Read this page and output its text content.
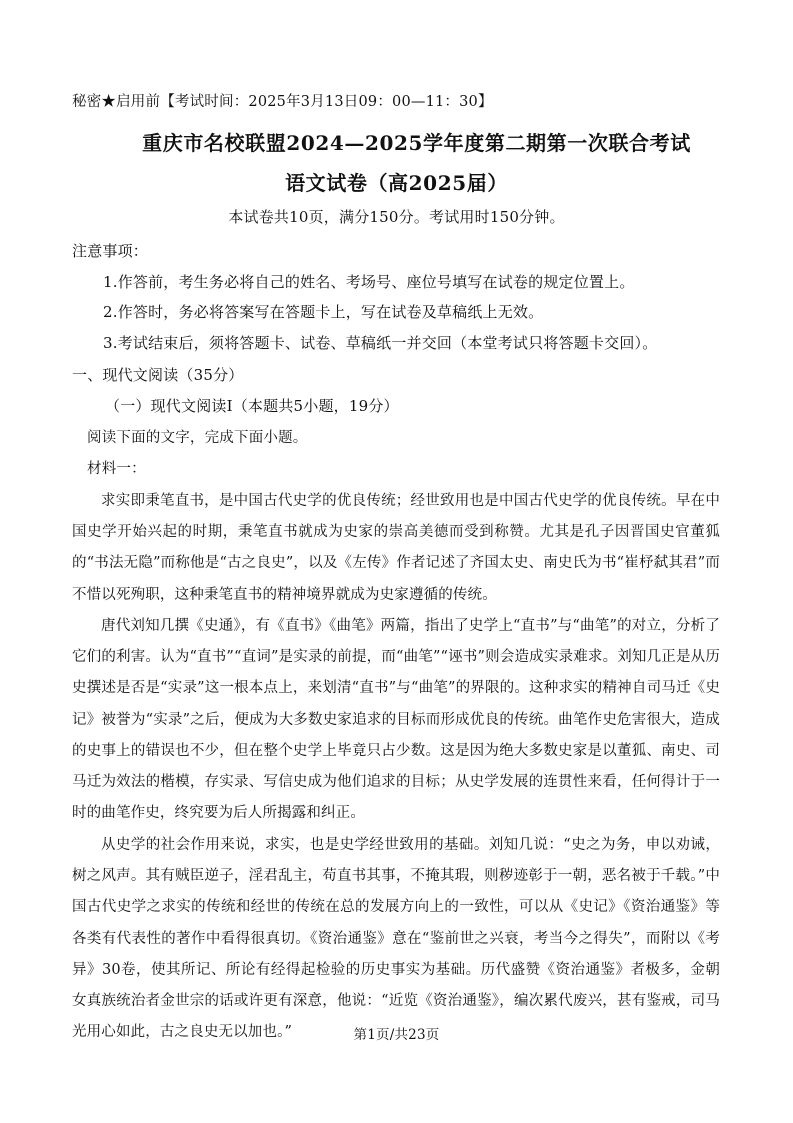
秘密★启用前【考试时间：2025年3月13日09：00—11：30】
重庆市名校联盟2024—2025学年度第二期第一次联合考试
语文试卷（高2025届）
本试卷共10页，满分150分。考试用时150分钟。
注意事项：
1.作答前，考生务必将自己的姓名、考场号、座位号填写在试卷的规定位置上。
2.作答时，务必将答案写在答题卡上，写在试卷及草稿纸上无效。
3.考试结束后，须将答题卡、试卷、草稿纸一并交回（本堂考试只将答题卡交回）。
一、现代文阅读（35分）
（一）现代文阅读Ⅰ（本题共5小题，19分）
阅读下面的文字，完成下面小题。
材料一：
求实即秉笔直书，是中国古代史学的优良传统；经世致用也是中国古代史学的优良传统。早在中国史学开始兴起的时期，秉笔直书就成为史家的崇高美德而受到称赞。尤其是孔子因晋国史官董狐的“书法无隐”而称他是“古之良史”，以及《左传》作者记述了齐国太史、南史氏为书“崔杼弑其君”而不惜以死殉职，这种秉笔直书的精神境界就成为史家遵循的传统。
唐代刘知几撰《史通》，有《直书》《曲笔》两篇，指出了史学上“直书”与“曲笔”的对立，分析了它们的利害。认为“直书”“直词”是实录的前提，而“曲笔”“诬书”则会造成实录难求。刘知几正是从历史撰述是否是“实录”这一根本点上，来划清“直书”与“曲笔”的界限的。这种求实的精神自司马迁《史记》被誉为“实录”之后，便成为大多数史家追求的目标而形成优良的传统。曲笔作史危害很大，造成的史事上的错误也不少，但在整个史学上毕竟只占少数。这是因为绝大多数史家是以董狐、南史、司马迁为效法的楷模，存实录、写信史成为他们追求的目标；从史学发展的连贯性来看，任何得计于一时的曲笔作史，终究要为后人所揭露和纠正。
从史学的社会作用来说，求实，也是史学经世致用的基础。刘知几说：“史之为务，申以劝诫，树之风声。其有贼臣逆子，淫君乱主，苟直书其事，不掩其瑕，则秽迹彰于一朝，恶名被于千载。”中国古代史学之求实的传统和经世的传统在总的发展方向上的一致性，可以从《史记》《资治通鉴》等各类有代表性的著作中看得很真切。《资治通鉴》意在“鉴前世之兴衰，考当今之得失”，而附以《考异》30卷，使其所记、所论有经得起检验的历史事实为基础。历代盛赞《资治通鉴》者极多，金朝女真族统治者金世宗的话或许更有深意，他说：“近览《资治通鉴》，编次累代废兴，甚有鉴戒，司马光用心如此，古之良史无以加也。”	第1页/共23页
